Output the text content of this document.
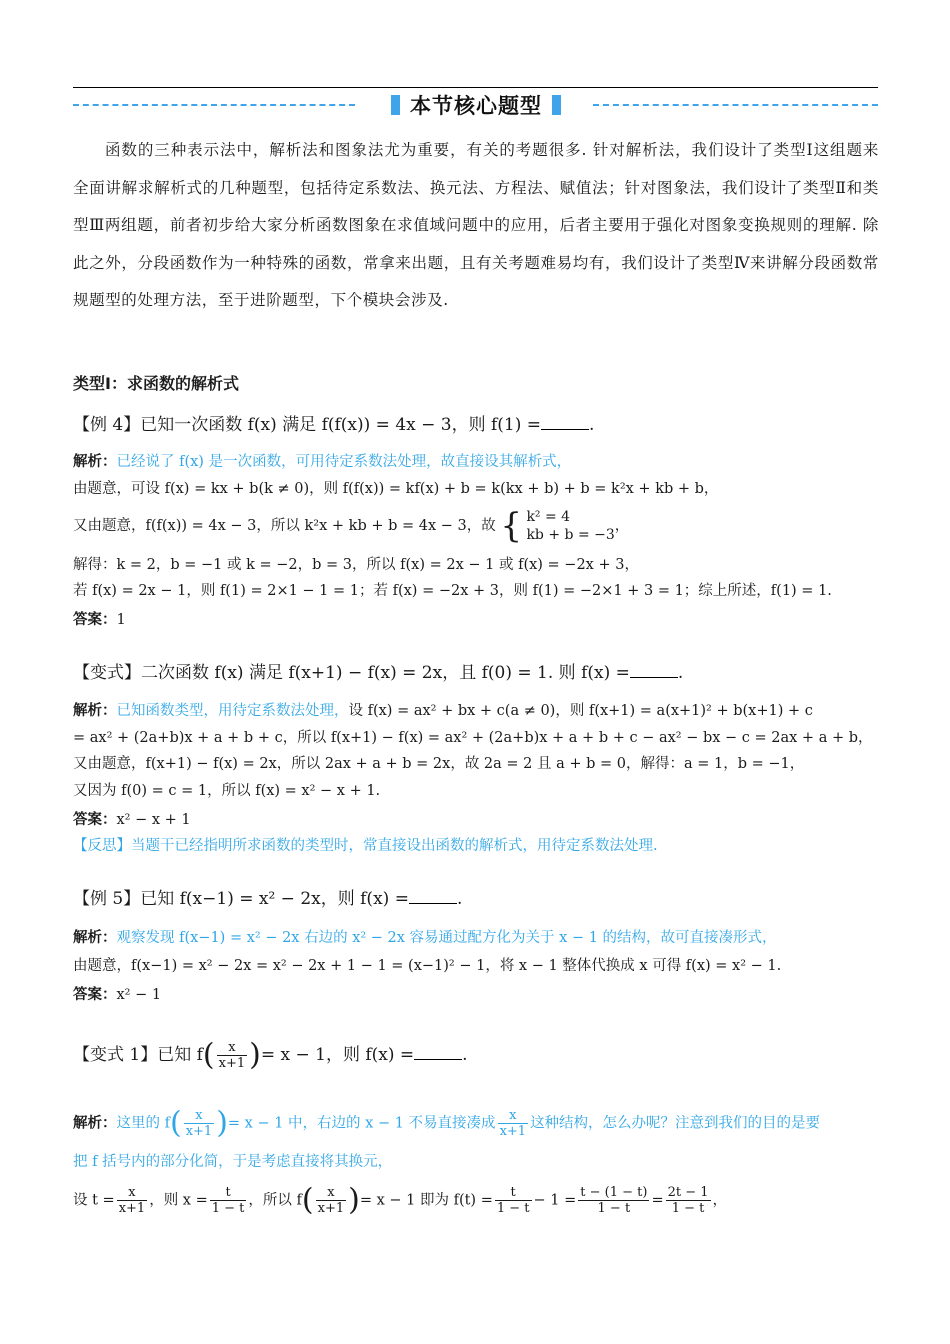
本节核心题型

函数的三种表示法中，解析法和图象法尤为重要，有关的考题很多. 针对解析法，我们设计了类型Ⅰ这组题来全面讲解求解析式的几种题型，包括待定系数法、换元法、方程法、赋值法；针对图象法，我们设计了类型Ⅱ和类型Ⅲ两组题，前者初步给大家分析函数图象在求值域问题中的应用，后者主要用于强化对图象变换规则的理解. 除此之外，分段函数作为一种特殊的函数，常拿来出题，且有关考题难易均有，我们设计了类型Ⅳ来讲解分段函数常规题型的处理方法，至于进阶题型，下个模块会涉及.

类型Ⅰ：求函数的解析式
【例 4】已知一次函数 f(x) 满足 f(f(x)) = 4x − 3，则 f(1) =	.
解析：已经说了 f(x) 是一次函数，可用待定系数法处理，故直接设其解析式，
由题意，可设 f(x) = kx + b(k ≠ 0)，则 f(f(x)) = kf(x) + b = k(kx + b) + b = k²x + kb + b，
又由题意，f(f(x)) = 4x − 3，所以 k²x + kb + b = 4x − 3，故 { k² = 4
kb + b = −3
，
解得：k = 2，b = −1 或 k = −2，b = 3，所以 f(x) = 2x − 1 或 f(x) = −2x + 3，
若 f(x) = 2x − 1，则 f(1) = 2×1 − 1 = 1；若 f(x) = −2x + 3，则 f(1) = −2×1 + 3 = 1；综上所述，f(1) = 1.
答案：1
【变式】二次函数 f(x) 满足 f(x+1) − f(x) = 2x，且 f(0) = 1. 则 f(x) =	.
解析：已知函数类型，用待定系数法处理，设 f(x) = ax² + bx + c(a ≠ 0)，则 f(x+1) = a(x+1)² + b(x+1) + c
= ax² + (2a+b)x + a + b + c，所以 f(x+1) − f(x) = ax² + (2a+b)x + a + b + c − ax² − bx − c = 2ax + a + b，
又由题意，f(x+1) − f(x) = 2x，所以 2ax + a + b = 2x，故 2a = 2 且 a + b = 0，解得：a = 1，b = −1，
又因为 f(0) = c = 1，所以 f(x) = x² − x + 1.
答案：x² − x + 1
【反思】当题干已经指明所求函数的类型时，常直接设出函数的解析式，用待定系数法处理.
【例 5】已知 f(x−1) = x² − 2x，则 f(x) =	.
解析：观察发现 f(x−1) = x² − 2x 右边的 x² − 2x 容易通过配方化为关于 x − 1 的结构，故可直接凑形式，
由题意，f(x−1) = x² − 2x = x² − 2x + 1 − 1 = (x−1)² − 1，将 x − 1 整体代换成 x 可得 f(x) = x² − 1.
答案：x² − 1
【变式 1】已知 $f( \frac{x}{x+1}$ )= x − 1，则 f(x) =	.
解析：这里的 $f( \frac{x}{x+1}$ )= x − 1 中，右边的 x − 1 不易直接凑成 $\frac{x}{x+1}$ 这种结构，怎么办呢？注意到我们的目的是要
把 f 括号内的部分化简，于是考虑直接将其换元，
设 $t = \frac{x}{x+1}$ ，则 $x = \frac{t}{1 - t}$ ，所以 $f( \frac{x}{x+1}$ )= x − 1 即为 $f(t) = \frac{t}{1 - t} - 1 = \frac{t - (1 - t)}{1 - t} = \frac{2t - 1}{1 - t}$ ，
